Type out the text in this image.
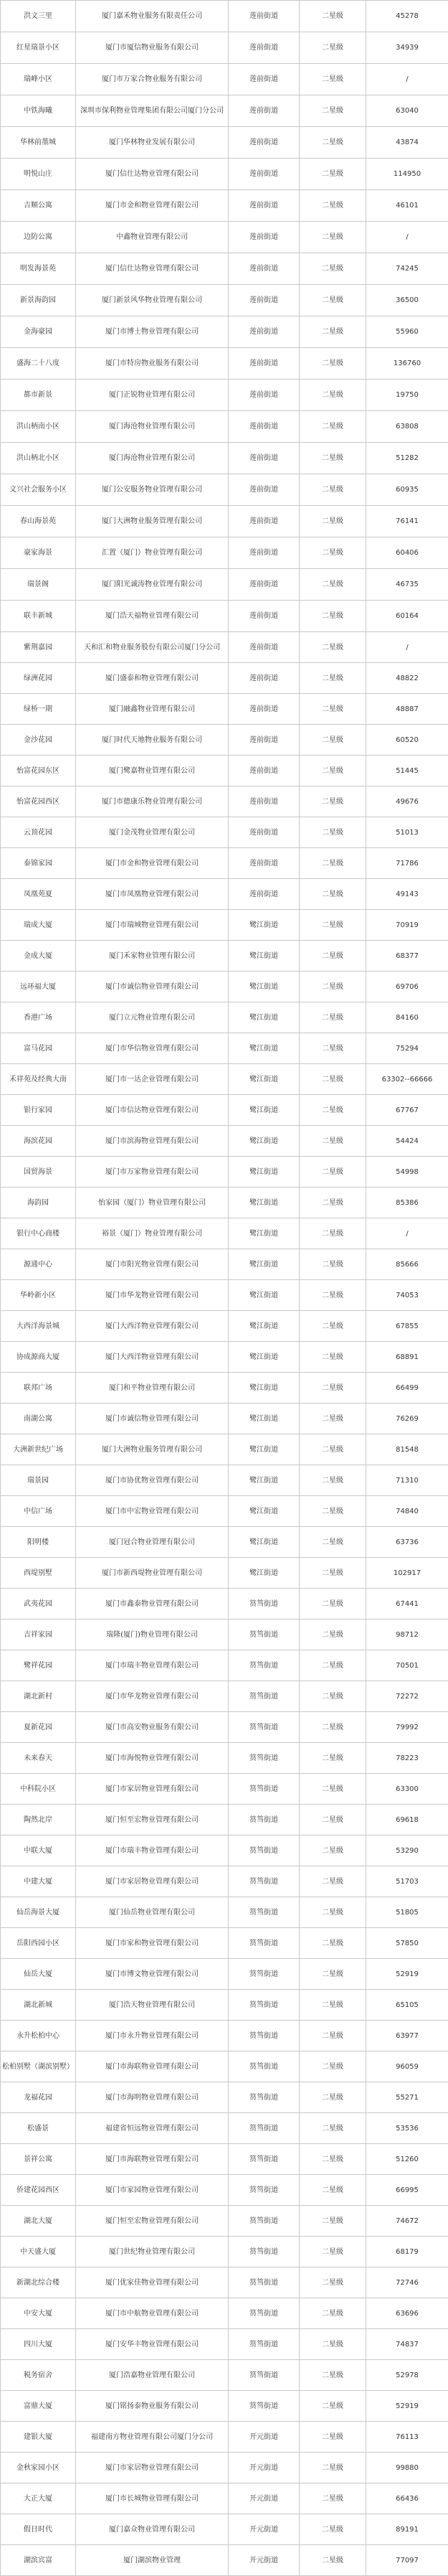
洪文三里	厦门嘉禾物业服务有限责任公司	莲前街道	二星级	45278
红星瑞景小区	厦门市厦信物业服务有限公司	莲前街道	二星级	34939
瑞峰小区	厦门市万家合物业服务有限公司	莲前街道	二星级	/
中铁海曦	深圳市保利物业管理集团有限公司厦门分公司	莲前街道	二星级	63040
华林前墨城	厦门华林物业发展有限公司	莲前街道	二星级	43874
明悦山庄	厦门信仕达物业管理有限公司	莲前街道	二星级	114950
吉顺公寓	厦门市金和物业管理有限公司	莲前街道	二星级	46101
边防公寓	中鑫物业管理有限公司	莲前街道	二星级	/
明发海景苑	厦门信仕达物业管理有限公司	莲前街道	二星级	74245
新景海韵园	厦门新景风华物业管理有限公司	莲前街道	二星级	36500
金海豪园	厦门市博士物业管理有限公司	莲前街道	二星级	55960
盛海二十八度	厦门市特房物业服务有限公司	莲前街道	二星级	136760
都市新景	厦门正锐物业管理有限公司	莲前街道	二星级	19750
洪山柄南小区	厦门海沧物业管理有限公司	莲前街道	二星级	63808
洪山柄北小区	厦门海沧物业管理有限公司	莲前街道	二星级	51282
文兴社会服务小区	厦门公安服务物业管理有限公司	莲前街道	二星级	60935
春山海景苑	厦门大洲物业服务管理有限公司	莲前街道	二星级	76141
豪家海景	汇置（厦门）物业管理有限公司	莲前街道	二星级	60406
瑞景阁	厦门阳光诚涛物业管理有限公司	莲前街道	二星级	46735
联丰新城	厦门浩天福物业管理有限公司	莲前街道	二星级	60164
紫荆嘉园	天和汇和物业服务股份有限公司厦门分公司	莲前街道	二星级	/
绿洲花园	厦门盛泰和物业管理有限公司	莲前街道	二星级	48822
绿桥一期	厦门融鑫物业管理有限公司	莲前街道	二星级	48887
金沙花园	厦门时代天地物业服务有限公司	莲前街道	二星级	60520
怡富花园东区	厦门鹭嘉物业管理有限公司	莲前街道	二星级	51445
怡富花园西区	厦门市德康乐物业管理有限公司	莲前街道	二星级	49676
云顶花园	厦门金茂物业管理有限公司	莲前街道	二星级	51013
泰锦家园	厦门市金和物业管理有限公司	莲前街道	二星级	71786
凤凰苑夏	厦门市凤凰物业管理有限公司	莲前街道	二星级	49143
瑞成大厦	厦门市瑞城物业管理有限公司	鹭江街道	二星级	70919
金成大厦	厦门禾家物业管理有限公司	鹭江街道	二星级	68377
远环福大厦	厦门市诚信物业管理有限公司	鹭江街道	二星级	69706
香港广场	厦门立元物业管理有限公司	鹭江街道	二星级	84160
富马花园	厦门市华信物业管理有限公司	鹭江街道	二星级	75294
禾祥苑及经典大南	厦门市一达企业管理有限公司	鹭江街道	二星级	63302--66666
银行家园	厦门市信达物业管理有限公司	鹭江街道	二星级	67767
海滨花园	厦门市滨海物业管理有限公司	鹭江街道	二星级	54424
国贸海景	厦门市万家物业管理有限公司	鹭江街道	二星级	54998
海韵园	怡家园（厦门）物业管理有限公司	鹭江街道	二星级	85386
银行中心商楼	裕景（厦门）物业管理有限公司	鹭江街道	二星级	/
源通中心	厦门市阳光物业管理有限公司	鹭江街道	二星级	85666
华岭新小区	厦门市华龙物业管理有限公司	鹭江街道	二星级	74053
大西洋海景城	厦门大西洋物业管理有限公司	鹭江街道	二星级	67855
协成源商大厦	厦门大西洋物业管理有限公司	鹭江街道	二星级	68891
联邦广场	厦门和平物业管理有限公司	鹭江街道	二星级	66499
南湖公寓	厦门市诚信物业管理有限公司	鹭江街道	二星级	76269
大洲新世纪广场	厦门大洲物业服务管理有限公司	鹭江街道	二星级	81548
瑞景园	厦门市协优物业管理有限公司	鹭江街道	二星级	71310
中信广场	厦门市中宏物业管理有限公司	鹭江街道	二星级	74840
阳明楼	厦门冠合物业管理有限公司	鹭江街道	二星级	63736
西堤别墅	厦门市新西堤物业管理有限公司	鹭江街道	二星级	102917
武夷花园	厦门市鑫泰物业管理有限公司	筼筜街道	二星级	67441
吉祥家园	瑞隆(厦门)物业管理有限公司	筼筜街道	二星级	98712
鹭祥花园	厦门市瑞丰物业管理有限公司	筼筜街道	二星级	70501
湖北新村	厦门市华龙物业管理有限公司	筼筜街道	二星级	72272
夏新花园	厦门市高安物业服务有限公司	筼筜街道	二星级	79992
未来春天	厦门市海悦物业管理有限公司	筼筜街道	二星级	78223
中科院小区	厦门市家居物业管理有限公司	筼筜街道	二星级	63300
陶然北岸	厦门恒至宏物业管理有限公司	筼筜街道	二星级	69618
中联大厦	厦门市瑞丰物业管理有限公司	筼筜街道	二星级	53290
中建大厦	厦门市家居物业管理有限公司	筼筜街道	二星级	51703
仙岳海景大厦	厦门仙岳物业管理有限公司	筼筜街道	二星级	51805
岳阳西园小区	厦门市家和物业管理有限公司	筼筜街道	二星级	57850
仙岳大厦	厦门市博文物业管理有限公司	筼筜街道	二星级	52919
湖北新城	厦门浩天物业管理有限公司	筼筜街道	二星级	65105
永升松柏中心	厦门市永升物业管理有限公司	筼筜街道	二星级	63977
松柏别墅（湖滨别墅）	厦门市海联物业管理有限公司	筼筜街道	二星级	96059
龙福花园	厦门市海明物业管理有限公司	筼筜街道	二星级	55271
松盛景	福建省恒远物业管理有限公司	筼筜街道	二星级	53536
景祥公寓	厦门市海联物业管理有限公司	筼筜街道	二星级	51260
侨建花园西区	厦门市家园物业管理有限公司	筼筜街道	二星级	66995
湖北大厦	厦门恒至宏物业管理有限公司	筼筜街道	二星级	74672
中天盛大厦	厦门世纪物业管理有限公司	筼筜街道	二星级	68179
新湖北综合楼	厦门优家佳物业管理有限公司	筼筜街道	二星级	72746
中安大厦	厦门市中航物业管理有限公司	筼筜街道	二星级	63696
四川大厦	厦门安华丰物业管理有限公司	筼筜街道	二星级	74837
税务宿舍	厦门浩嘉物业管理有限公司	筼筜街道	二星级	52978
富鼎大厦	厦门铭扬泰物业服务有限公司	筼筜街道	二星级	52919
建银大厦	福建南方物业管理有限公司厦门分公司	开元街道	二星级	76113
金秋家园小区	厦门市家居物业管理有限公司	开元街道	二星级	99880
大正大厦	厦门市长城物业管理有限公司	开元街道	二星级	66436
假日时代	厦门嘉众物业管理有限公司	开元街道	二星级	89191
湖滨宾富	厦门湖滨物业管理	开元街道	二星级	77097
